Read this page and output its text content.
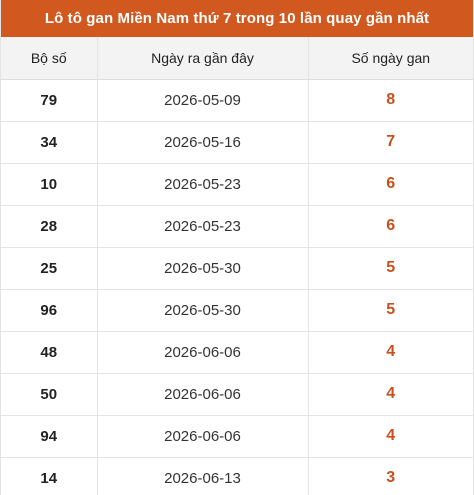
Lô tô gan Miền Nam thứ 7 trong 10 lần quay gần nhất
Bộ số	Ngày ra gần đây	Số ngày gan
79	2026-05-09	8
34	2026-05-16	7
10	2026-05-23	6
28	2026-05-23	6
25	2026-05-30	5
96	2026-05-30	5
48	2026-06-06	4
50	2026-06-06	4
94	2026-06-06	4
14	2026-06-13	3
